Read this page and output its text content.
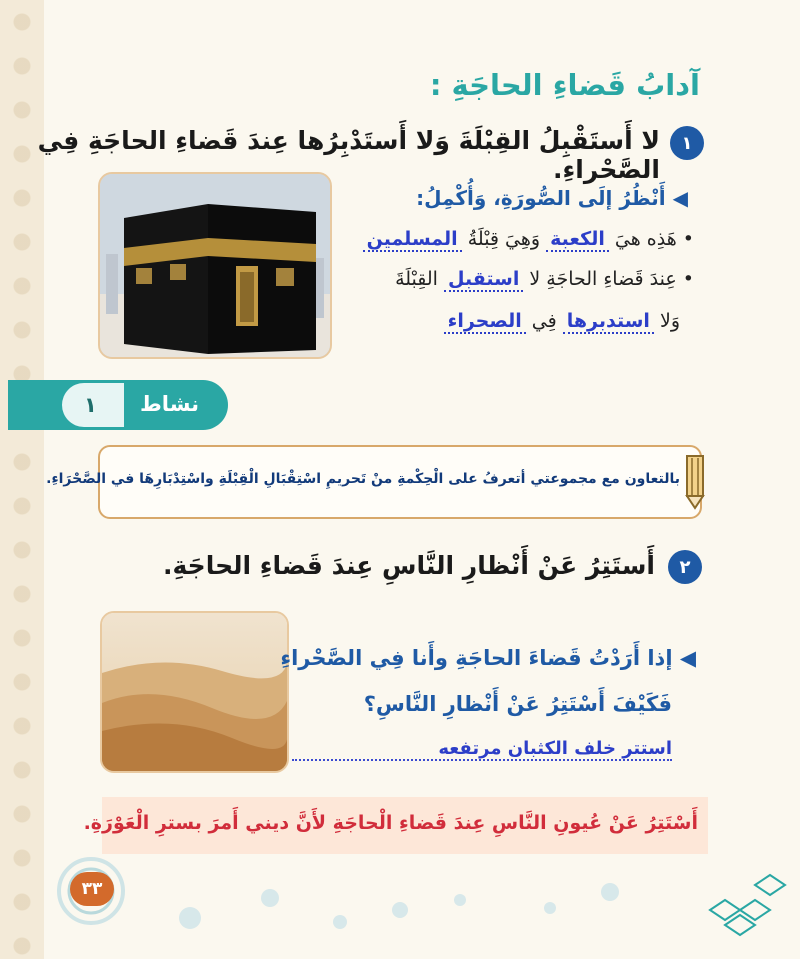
آدابُ قَضاءِ الحاجَةِ :
١
لا أَستَقْبِلُ القِبْلَةَ وَلا أَستَدْبِرُها عِندَ قَضاءِ الحاجَةِ فِي الصَّحْراءِ.
◀ أَنْظُرُ إلَى الصُّورَةِ، وَأُكْمِلُ:
• هَذِه هيَ الكعبة وَهِيَ قِبْلَةُ المسلمين
• عِندَ قَضاءِ الحاجَةِ لا استقبل القِبْلَةَ
وَلا استدبرها فِي الصحراء
١ نشاط
بالتعاون مع مجموعتي أتعرفُ على الْحِكْمةِ منْ تَحريمِ اسْتِقْبَالِ الْقِبْلَةِ واسْتِدْبَارِهَا في الصَّحْرَاءِ.
٢
أَستَتِرُ عَنْ أَنْظارِ النَّاسِ عِندَ قَضاءِ الحاجَةِ.
◀ إذا أَرَدْتُ قَضاءَ الحاجَةِ وأَنا فِي الصَّحْراءِ
فَكَيْفَ أَسْتَتِرُ عَنْ أَنْظارِ النَّاسِ؟
استتر خلف الكثبان مرتفعه
أَسْتَتِرُ عَنْ عُيونِ النَّاسِ عِندَ قَضاءِ الْحاجَةِ لأَنَّ ديني أَمرَ بسترِ الْعَوْرَةِ.
٣٣
